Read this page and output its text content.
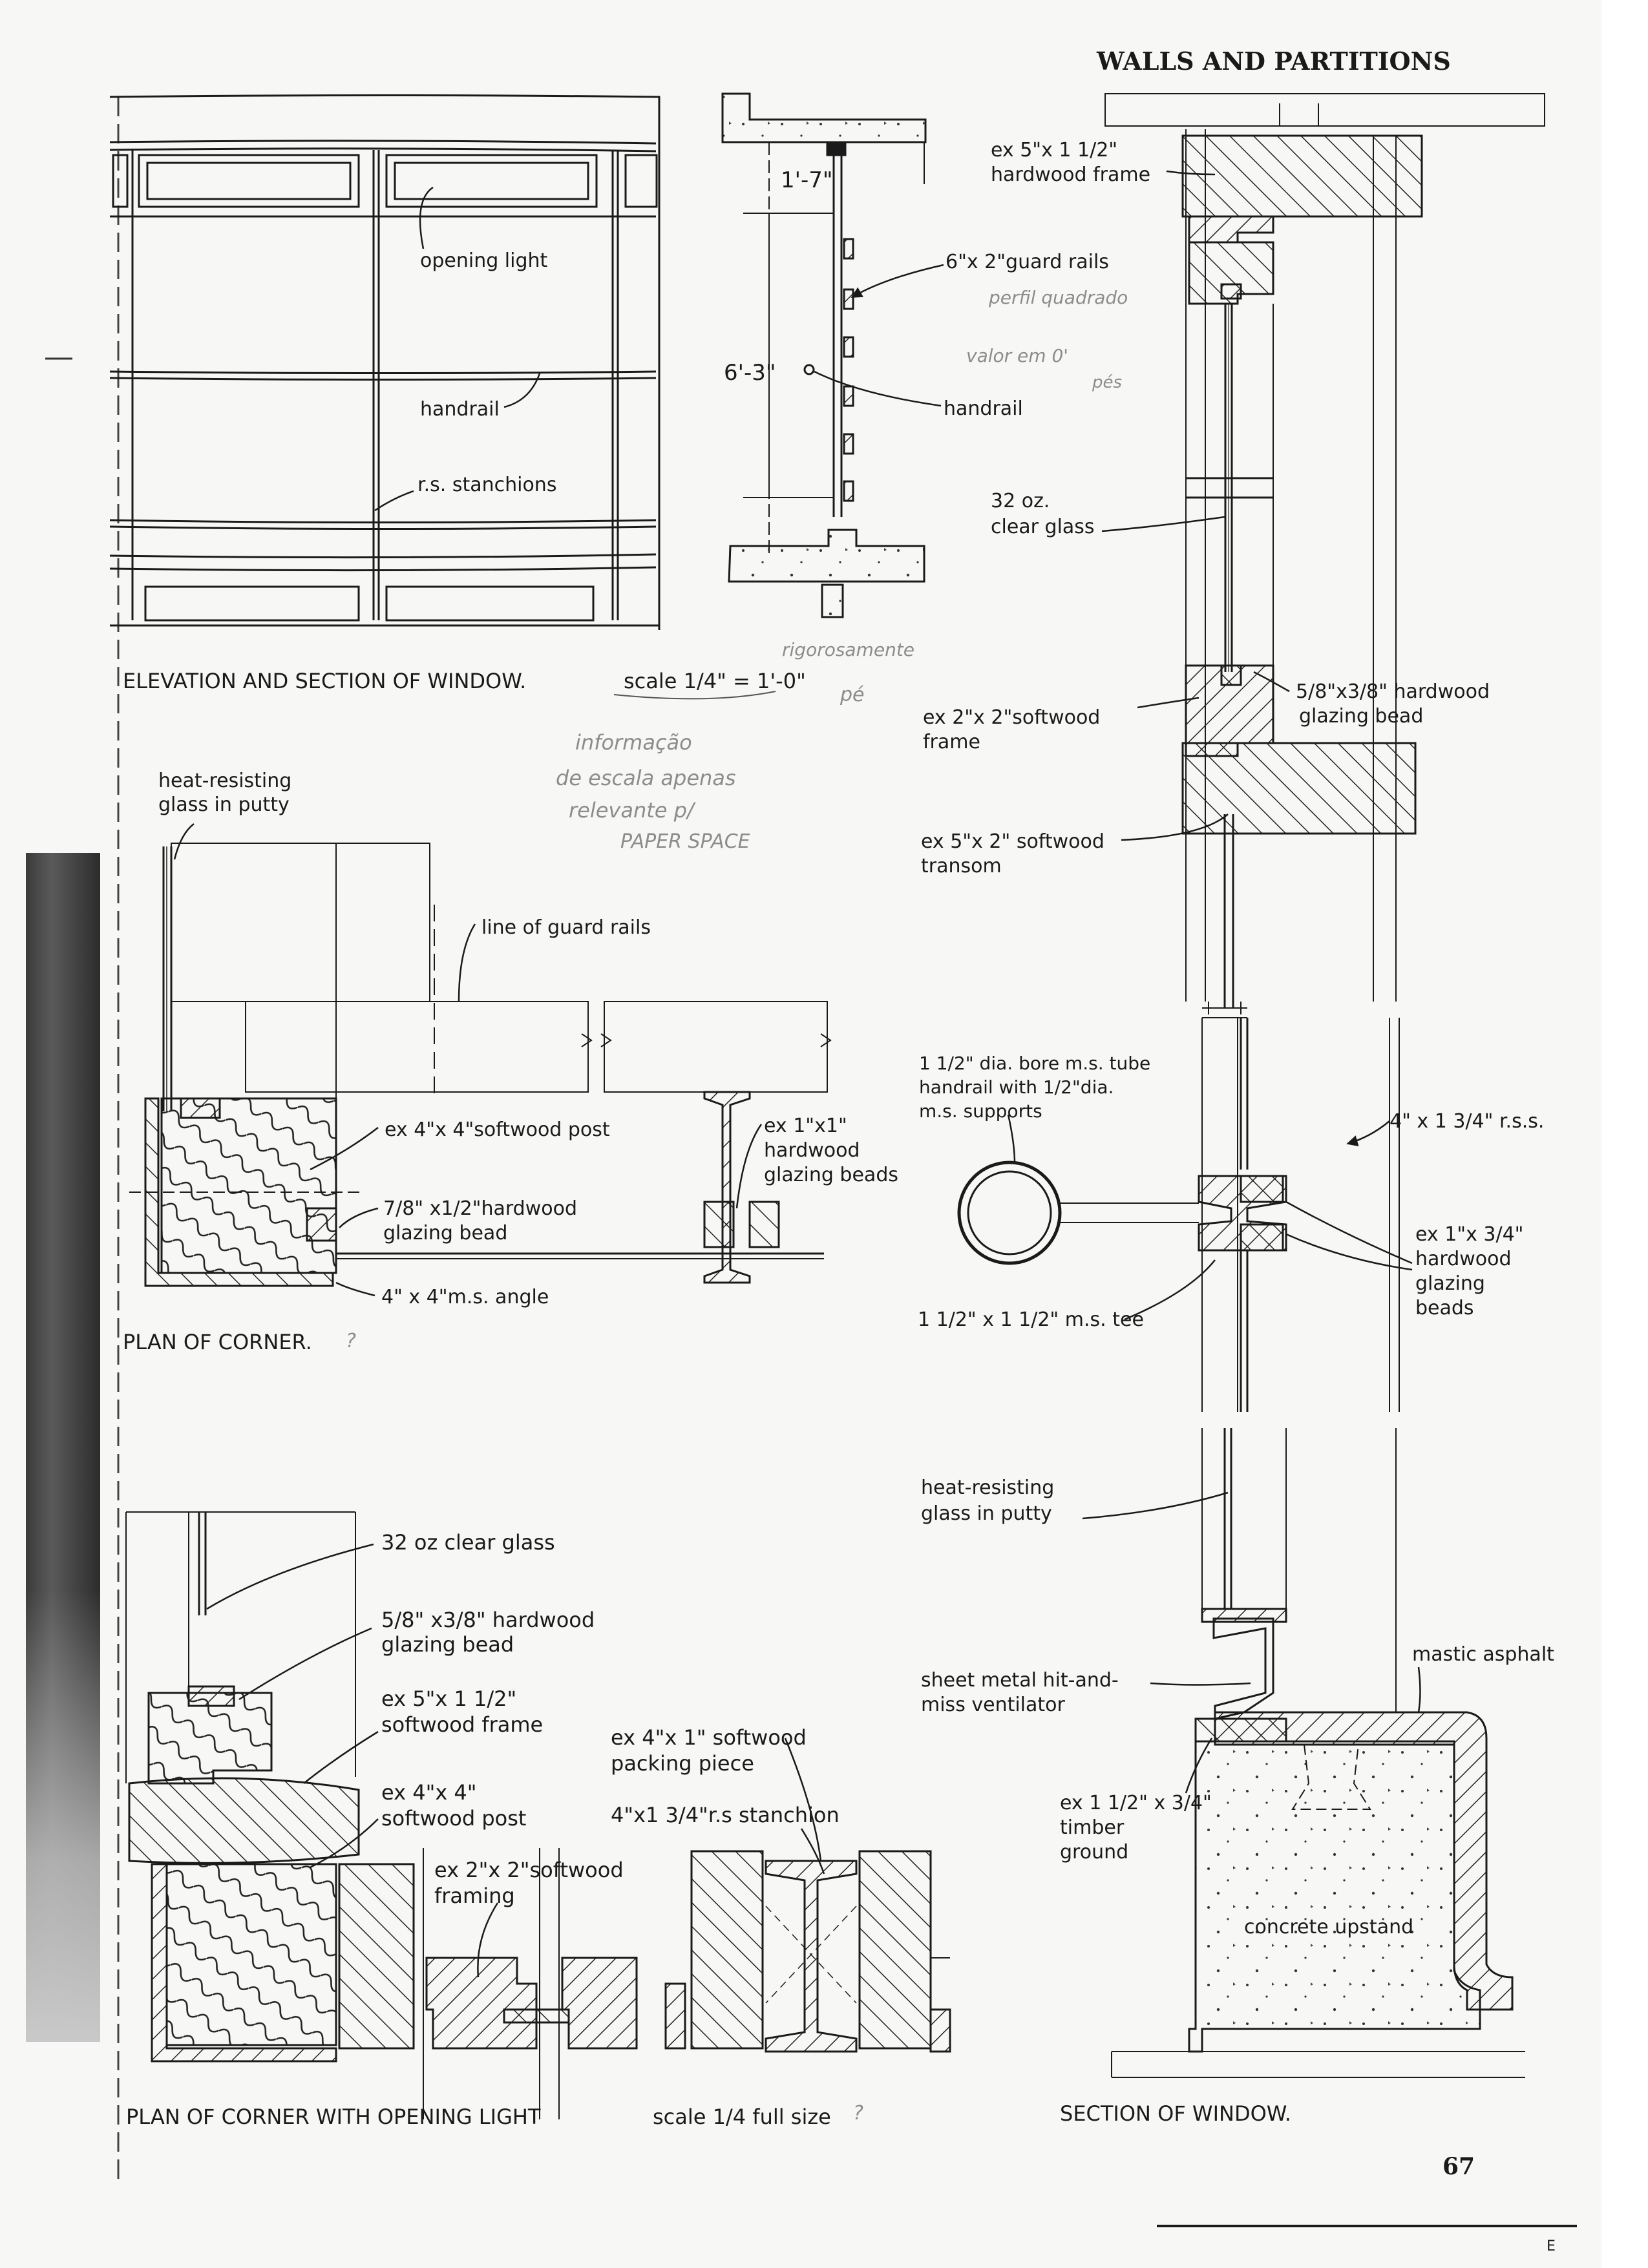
WALLS AND PARTITIONS
opening light
handrail
r.s. stanchions
1'-7"
6'-3"
6"x 2"guard rails
handrail
perfil quadrado
valor em 0'
pés
rigorosamente
pé
informação
de escala apenas
relevante p/
PAPER SPACE
ELEVATION AND SECTION OF WINDOW.	scale 1/4" = 1'-0"
heat-resisting
glass in putty
line of guard rails
ex 4"x 4"softwood post
7/8" x1/2"hardwood
glazing bead
4" x 4"m.s. angle
ex 1"x1"
hardwood
glazing beads
PLAN OF CORNER. ?
32 oz clear glass
5/8" x3/8" hardwood
glazing bead
ex 5"x 1 1/2"
softwood frame
ex 4"x 4"
softwood post
ex 2"x 2"softwood
framing
ex 4"x 1" softwood
packing piece
4"x1 3/4"r.s stanchion
PLAN OF CORNER WITH OPENING LIGHT	scale 1/4 full size ?
ex 5"x 1 1/2"
hardwood frame
32 oz.
clear glass
ex 2"x 2"softwood
frame
5/8"x3/8" hardwood
glazing bead
ex 5"x 2" softwood
transom
1 1/2" dia. bore m.s. tube
handrail with 1/2"dia.
m.s. supports	4" x 1 3/4" r.s.s.
1 1/2" x 1 1/2" m.s. tee
ex 1"x 3/4"
hardwood
glazing
beads
heat-resisting
glass in putty
sheet metal hit-and-
miss ventilator
mastic asphalt
ex 1 1/2" x 3/4"
timber
ground
concrete upstand
SECTION OF WINDOW.
67
E
